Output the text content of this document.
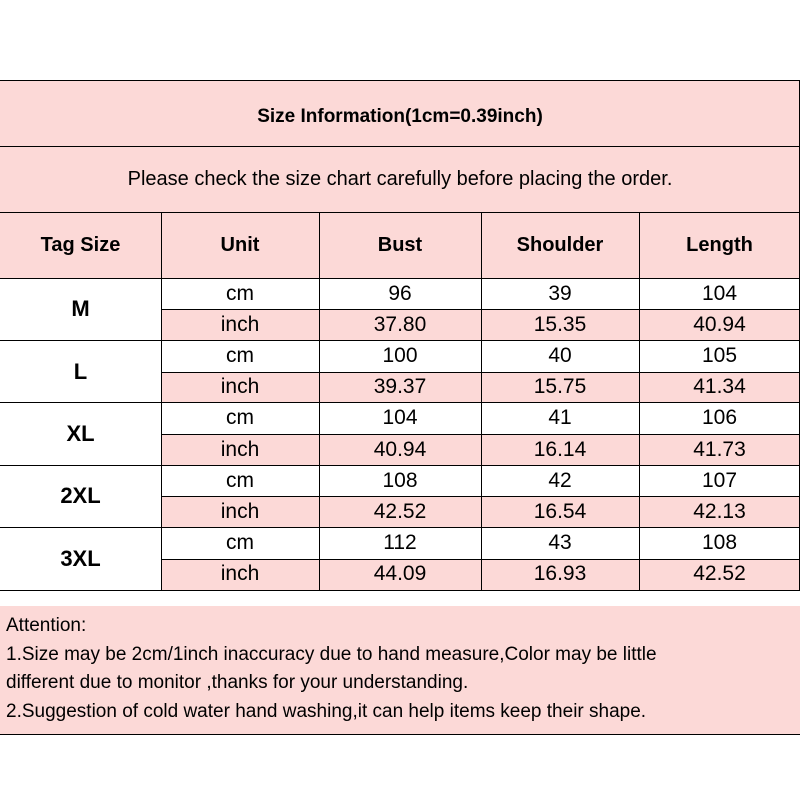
Size Information(1cm=0.39inch)
Please check the size chart carefully before placing the order.
Tag Size	Unit	Bust	Shoulder	Length
M
cm	96	39	104
inch	37.80	15.35	40.94
L
cm	100	40	105
inch	39.37	15.75	41.34
XL
cm	104	41	106
inch	40.94	16.14	41.73
2XL
cm	108	42	107
inch	42.52	16.54	42.13
3XL
cm	112	43	108
inch	44.09	16.93	42.52
Attention:
1.Size may be 2cm/1inch inaccuracy due to hand measure,Color may be little
different due to monitor ,thanks for your understanding.
2.Suggestion of cold water hand washing,it can help items keep their shape.
